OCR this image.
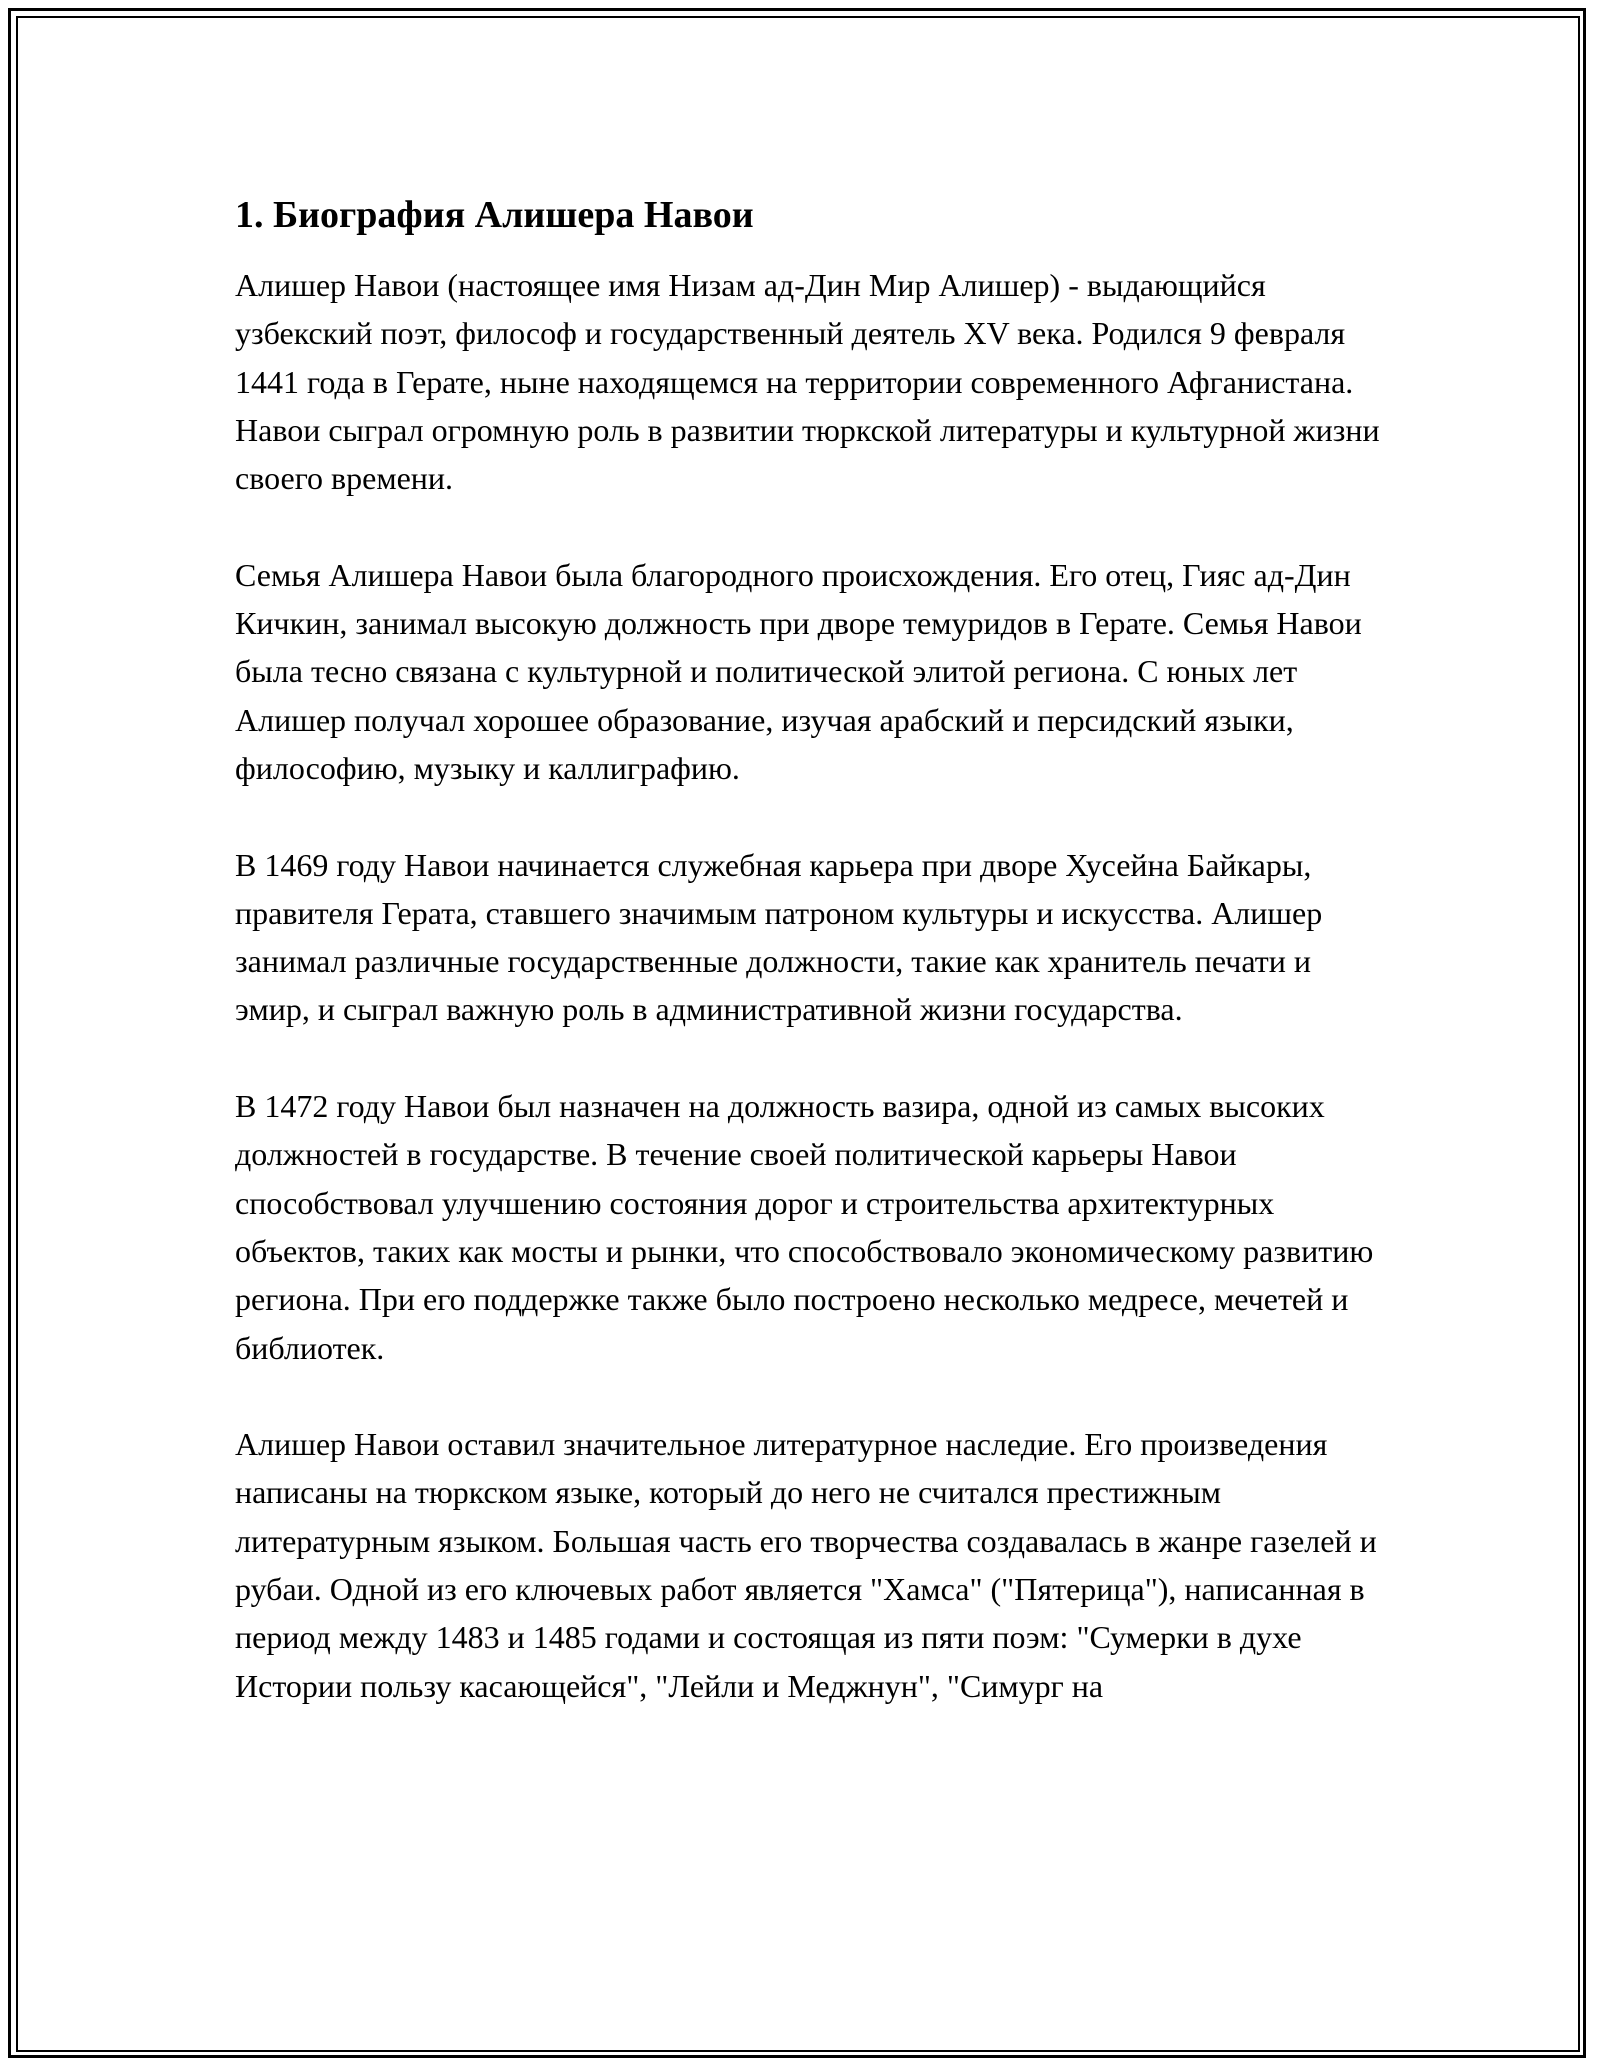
1. Биография Алишера Навои

Алишер Навои (настоящее имя Низам ад-Дин Мир Алишер) - выдающийся узбекский поэт, философ и государственный деятель XV века. Родился 9 февраля 1441 года в Герате, ныне находящемся на территории современного Афганистана. Навои сыграл огромную роль в развитии тюркской литературы и культурной жизни своего времени.

Семья Алишера Навои была благородного происхождения. Его отец, Гияс ад-Дин Кичкин, занимал высокую должность при дворе темуридов в Герате. Семья Навои была тесно связана с культурной и политической элитой региона. С юных лет Алишер получал хорошее образование, изучая арабский и персидский языки, философию, музыку и каллиграфию.

В 1469 году Навои начинается служебная карьера при дворе Хусейна Байкары, правителя Герата, ставшего значимым патроном культуры и искусства. Алишер занимал различные государственные должности, такие как хранитель печати и эмир, и сыграл важную роль в административной жизни государства.

В 1472 году Навои был назначен на должность вазира, одной из самых высоких должностей в государстве. В течение своей политической карьеры Навои способствовал улучшению состояния дорог и строительства архитектурных объектов, таких как мосты и рынки, что способствовало экономическому развитию региона. При его поддержке также было построено несколько медресе, мечетей и библиотек.

Алишер Навои оставил значительное литературное наследие. Его произведения написаны на тюркском языке, который до него не считался престижным литературным языком. Большая часть его творчества создавалась в жанре газелей и рубаи. Одной из его ключевых работ является "Хамса" ("Пятерица"), написанная в период между 1483 и 1485 годами и состоящая из пяти поэм: "Сумерки в духе Истории пользу касающейся", "Лейли и Меджнун", "Симург на
